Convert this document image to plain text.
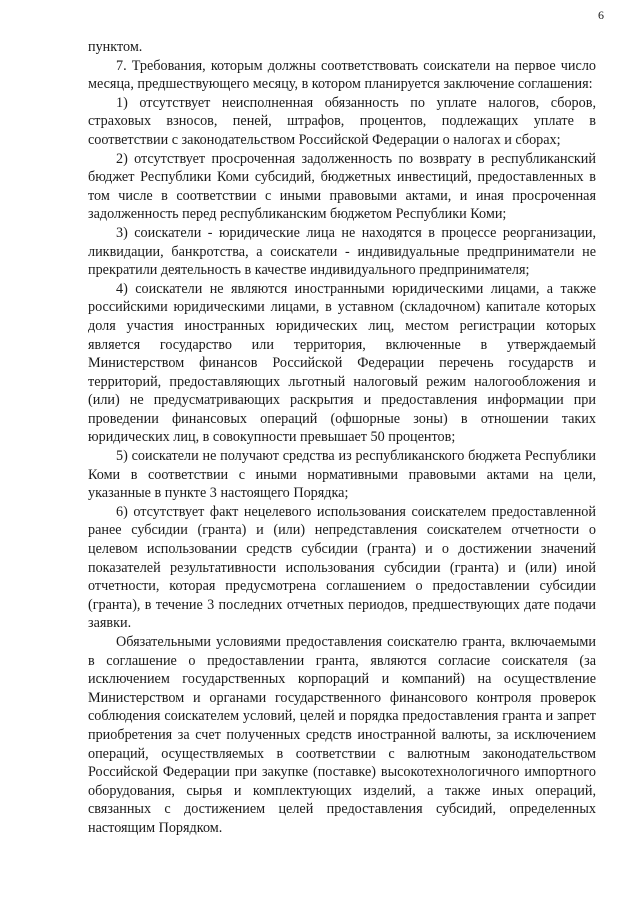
6

пунктом.

7. Требования, которым должны соответствовать соискатели на первое число месяца, предшествующего месяцу, в котором планируется заключение соглашения:

1) отсутствует неисполненная обязанность по уплате налогов, сборов, страховых взносов, пеней, штрафов, процентов, подлежащих уплате в соответствии с законодательством Российской Федерации о налогах и сборах;

2) отсутствует просроченная задолженность по возврату в республиканский бюджет Республики Коми субсидий, бюджетных инвестиций, предоставленных в том числе в соответствии с иными правовыми актами, и иная просроченная задолженность перед республиканским бюджетом Республики Коми;

3) соискатели - юридические лица не находятся в процессе реорганизации, ликвидации, банкротства, а соискатели - индивидуальные предприниматели не прекратили деятельность в качестве индивидуального предпринимателя;

4) соискатели не являются иностранными юридическими лицами, а также российскими юридическими лицами, в уставном (складочном) капитале которых доля участия иностранных юридических лиц, местом регистрации которых является государство или территория, включенные в утверждаемый Министерством финансов Российской Федерации перечень государств и территорий, предоставляющих льготный налоговый режим налогообложения и (или) не предусматривающих раскрытия и предоставления информации при проведении финансовых операций (офшорные зоны) в отношении таких юридических лиц, в совокупности превышает 50 процентов;

5) соискатели не получают средства из республиканского бюджета Республики Коми в соответствии с иными нормативными правовыми актами на цели, указанные в пункте 3 настоящего Порядка;

6) отсутствует факт нецелевого использования соискателем предоставленной ранее субсидии (гранта) и (или) непредставления соискателем отчетности о целевом использовании средств субсидии (гранта) и о достижении значений показателей результативности использования субсидии (гранта) и (или) иной отчетности, которая предусмотрена соглашением о предоставлении субсидии (гранта), в течение 3 последних отчетных периодов, предшествующих дате подачи заявки.

Обязательными условиями предоставления соискателю гранта, включаемыми в соглашение о предоставлении гранта, являются согласие соискателя (за исключением государственных корпораций и компаний) на осуществление Министерством и органами государственного финансового контроля проверок соблюдения соискателем условий, целей и порядка предоставления гранта и запрет приобретения за счет полученных средств иностранной валюты, за исключением операций, осуществляемых в соответствии с валютным законодательством Российской Федерации при закупке (поставке) высокотехнологичного импортного оборудования, сырья и комплектующих изделий, а также иных операций, связанных с достижением целей предоставления субсидий, определенных настоящим Порядком.
